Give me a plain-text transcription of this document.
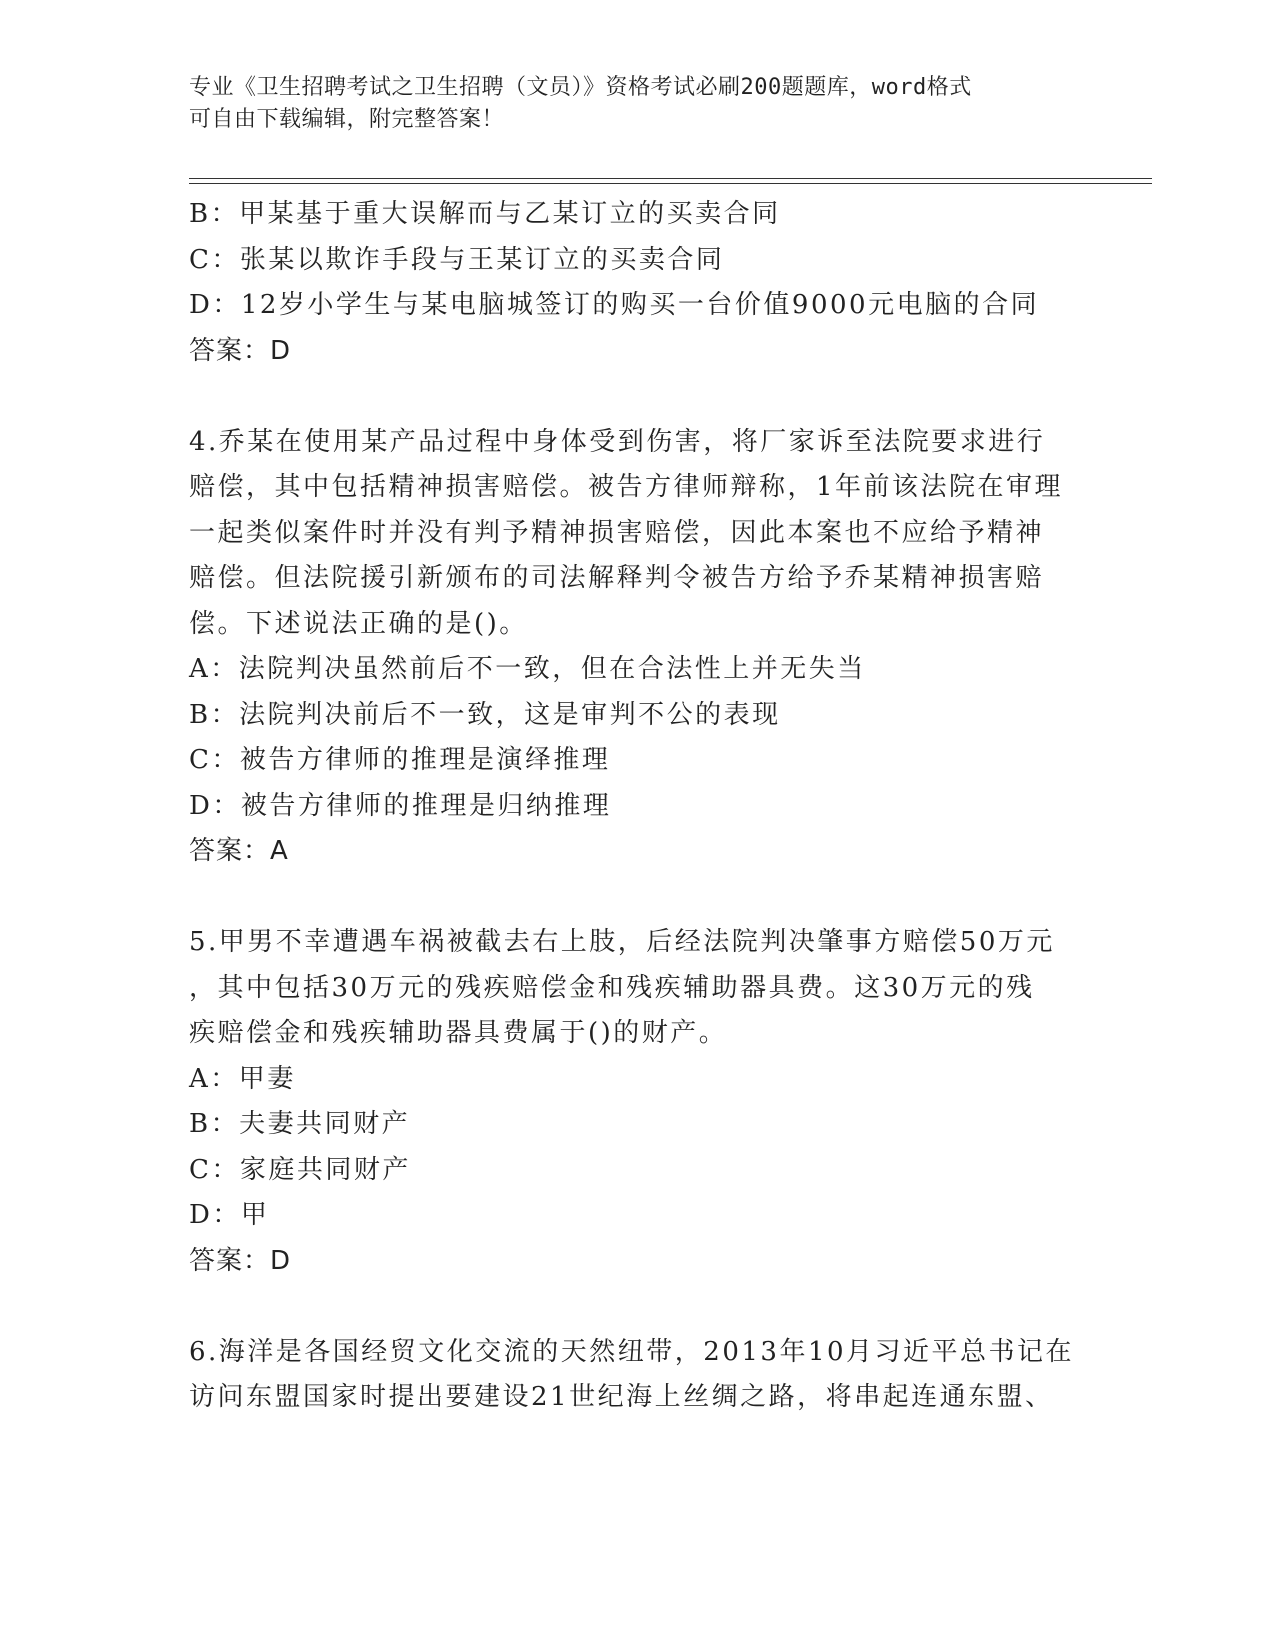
专业《卫生招聘考试之卫生招聘（文员）》资格考试必刷200题题库，word格式
可自由下载编辑，附完整答案！
B：甲某基于重大误解而与乙某订立的买卖合同
C：张某以欺诈手段与王某订立的买卖合同
D：12岁小学生与某电脑城签订的购买一台价值9000元电脑的合同
答案：D
4.乔某在使用某产品过程中身体受到伤害，将厂家诉至法院要求进行
赔偿，其中包括精神损害赔偿。被告方律师辩称，1年前该法院在审理
一起类似案件时并没有判予精神损害赔偿，因此本案也不应给予精神
赔偿。但法院援引新颁布的司法解释判令被告方给予乔某精神损害赔
偿。下述说法正确的是()。
A：法院判决虽然前后不一致，但在合法性上并无失当
B：法院判决前后不一致，这是审判不公的表现
C：被告方律师的推理是演绎推理
D：被告方律师的推理是归纳推理
答案：A
5.甲男不幸遭遇车祸被截去右上肢，后经法院判决肇事方赔偿50万元
，其中包括30万元的残疾赔偿金和残疾辅助器具费。这30万元的残
疾赔偿金和残疾辅助器具费属于()的财产。
A：甲妻
B：夫妻共同财产
C：家庭共同财产
D：甲
答案：D
6.海洋是各国经贸文化交流的天然纽带，2013年10月习近平总书记在
访问东盟国家时提出要建设21世纪海上丝绸之路，将串起连通东盟、
